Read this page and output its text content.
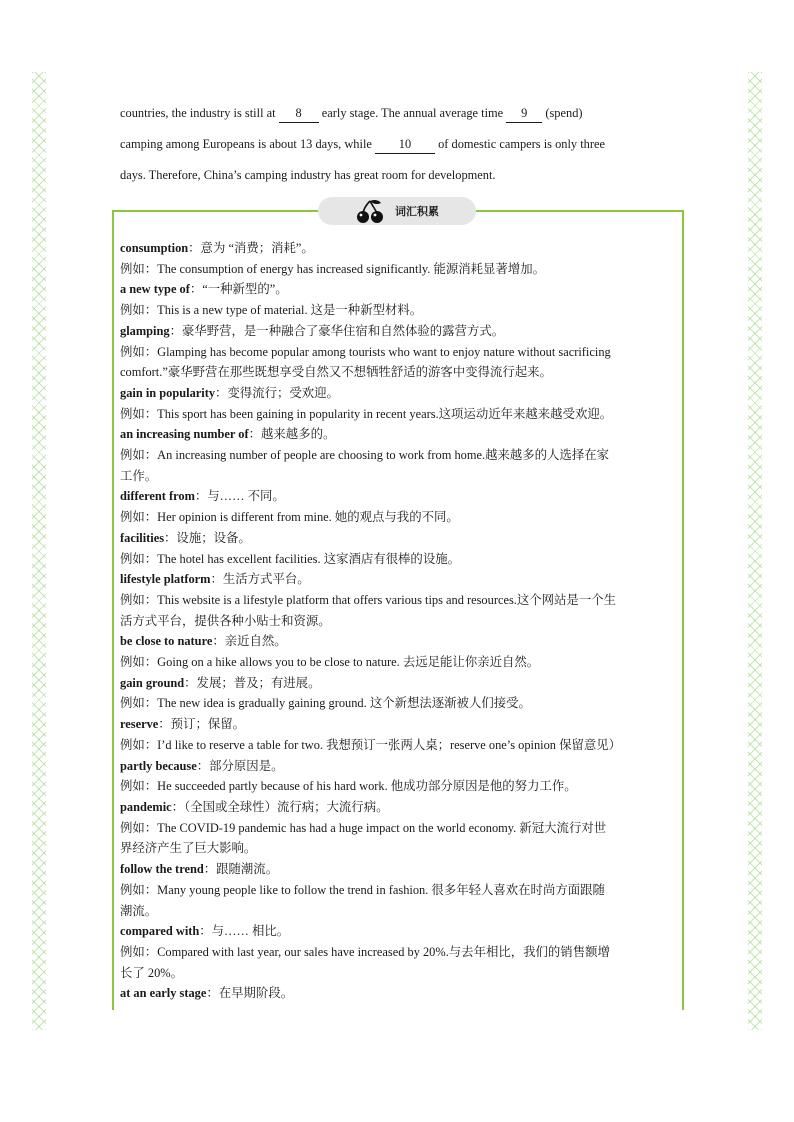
countries, the industry is still at 8 early stage. The annual average time 9 (spend)

camping among Europeans is about 13 days, while 10 of domestic campers is only three

days. Therefore, China’s camping industry has great room for development.

词汇积累
consumption：意为 “消费；消耗”。
例如：The consumption of energy has increased significantly. 能源消耗显著增加。
a new type of：“一种新型的”。
例如：This is a new type of material. 这是一种新型材料。
glamping：豪华野营，是一种融合了豪华住宿和自然体验的露营方式。
例如：Glamping has become popular among tourists who want to enjoy nature without sacrificing
comfort.”豪华野营在那些既想享受自然又不想牺牲舒适的游客中变得流行起来。
gain in popularity：变得流行；受欢迎。
例如：This sport has been gaining in popularity in recent years.这项运动近年来越来越受欢迎。
an increasing number of：越来越多的。
例如：An increasing number of people are choosing to work from home.越来越多的人选择在家
工作。
different from：与…… 不同。
例如：Her opinion is different from mine. 她的观点与我的不同。
facilities：设施；设备。
例如：The hotel has excellent facilities. 这家酒店有很棒的设施。
lifestyle platform：生活方式平台。
例如：This website is a lifestyle platform that offers various tips and resources.这个网站是一个生
活方式平台，提供各种小贴士和资源。
be close to nature：亲近自然。
例如：Going on a hike allows you to be close to nature. 去远足能让你亲近自然。
gain ground：发展；普及；有进展。
例如：The new idea is gradually gaining ground. 这个新想法逐渐被人们接受。
reserve：预订；保留。
例如：I’d like to reserve a table for two. 我想预订一张两人桌；reserve one’s opinion 保留意见）
partly because：部分原因是。
例如：He succeeded partly because of his hard work. 他成功部分原因是他的努力工作。
pandemic：（全国或全球性）流行病；大流行病。
例如：The COVID-19 pandemic has had a huge impact on the world economy. 新冠大流行对世
界经济产生了巨大影响。
follow the trend：跟随潮流。
例如：Many young people like to follow the trend in fashion. 很多年轻人喜欢在时尚方面跟随
潮流。
compared with：与…… 相比。
例如：Compared with last year, our sales have increased by 20%.与去年相比，我们的销售额增
长了 20%。
at an early stage：在早期阶段。
